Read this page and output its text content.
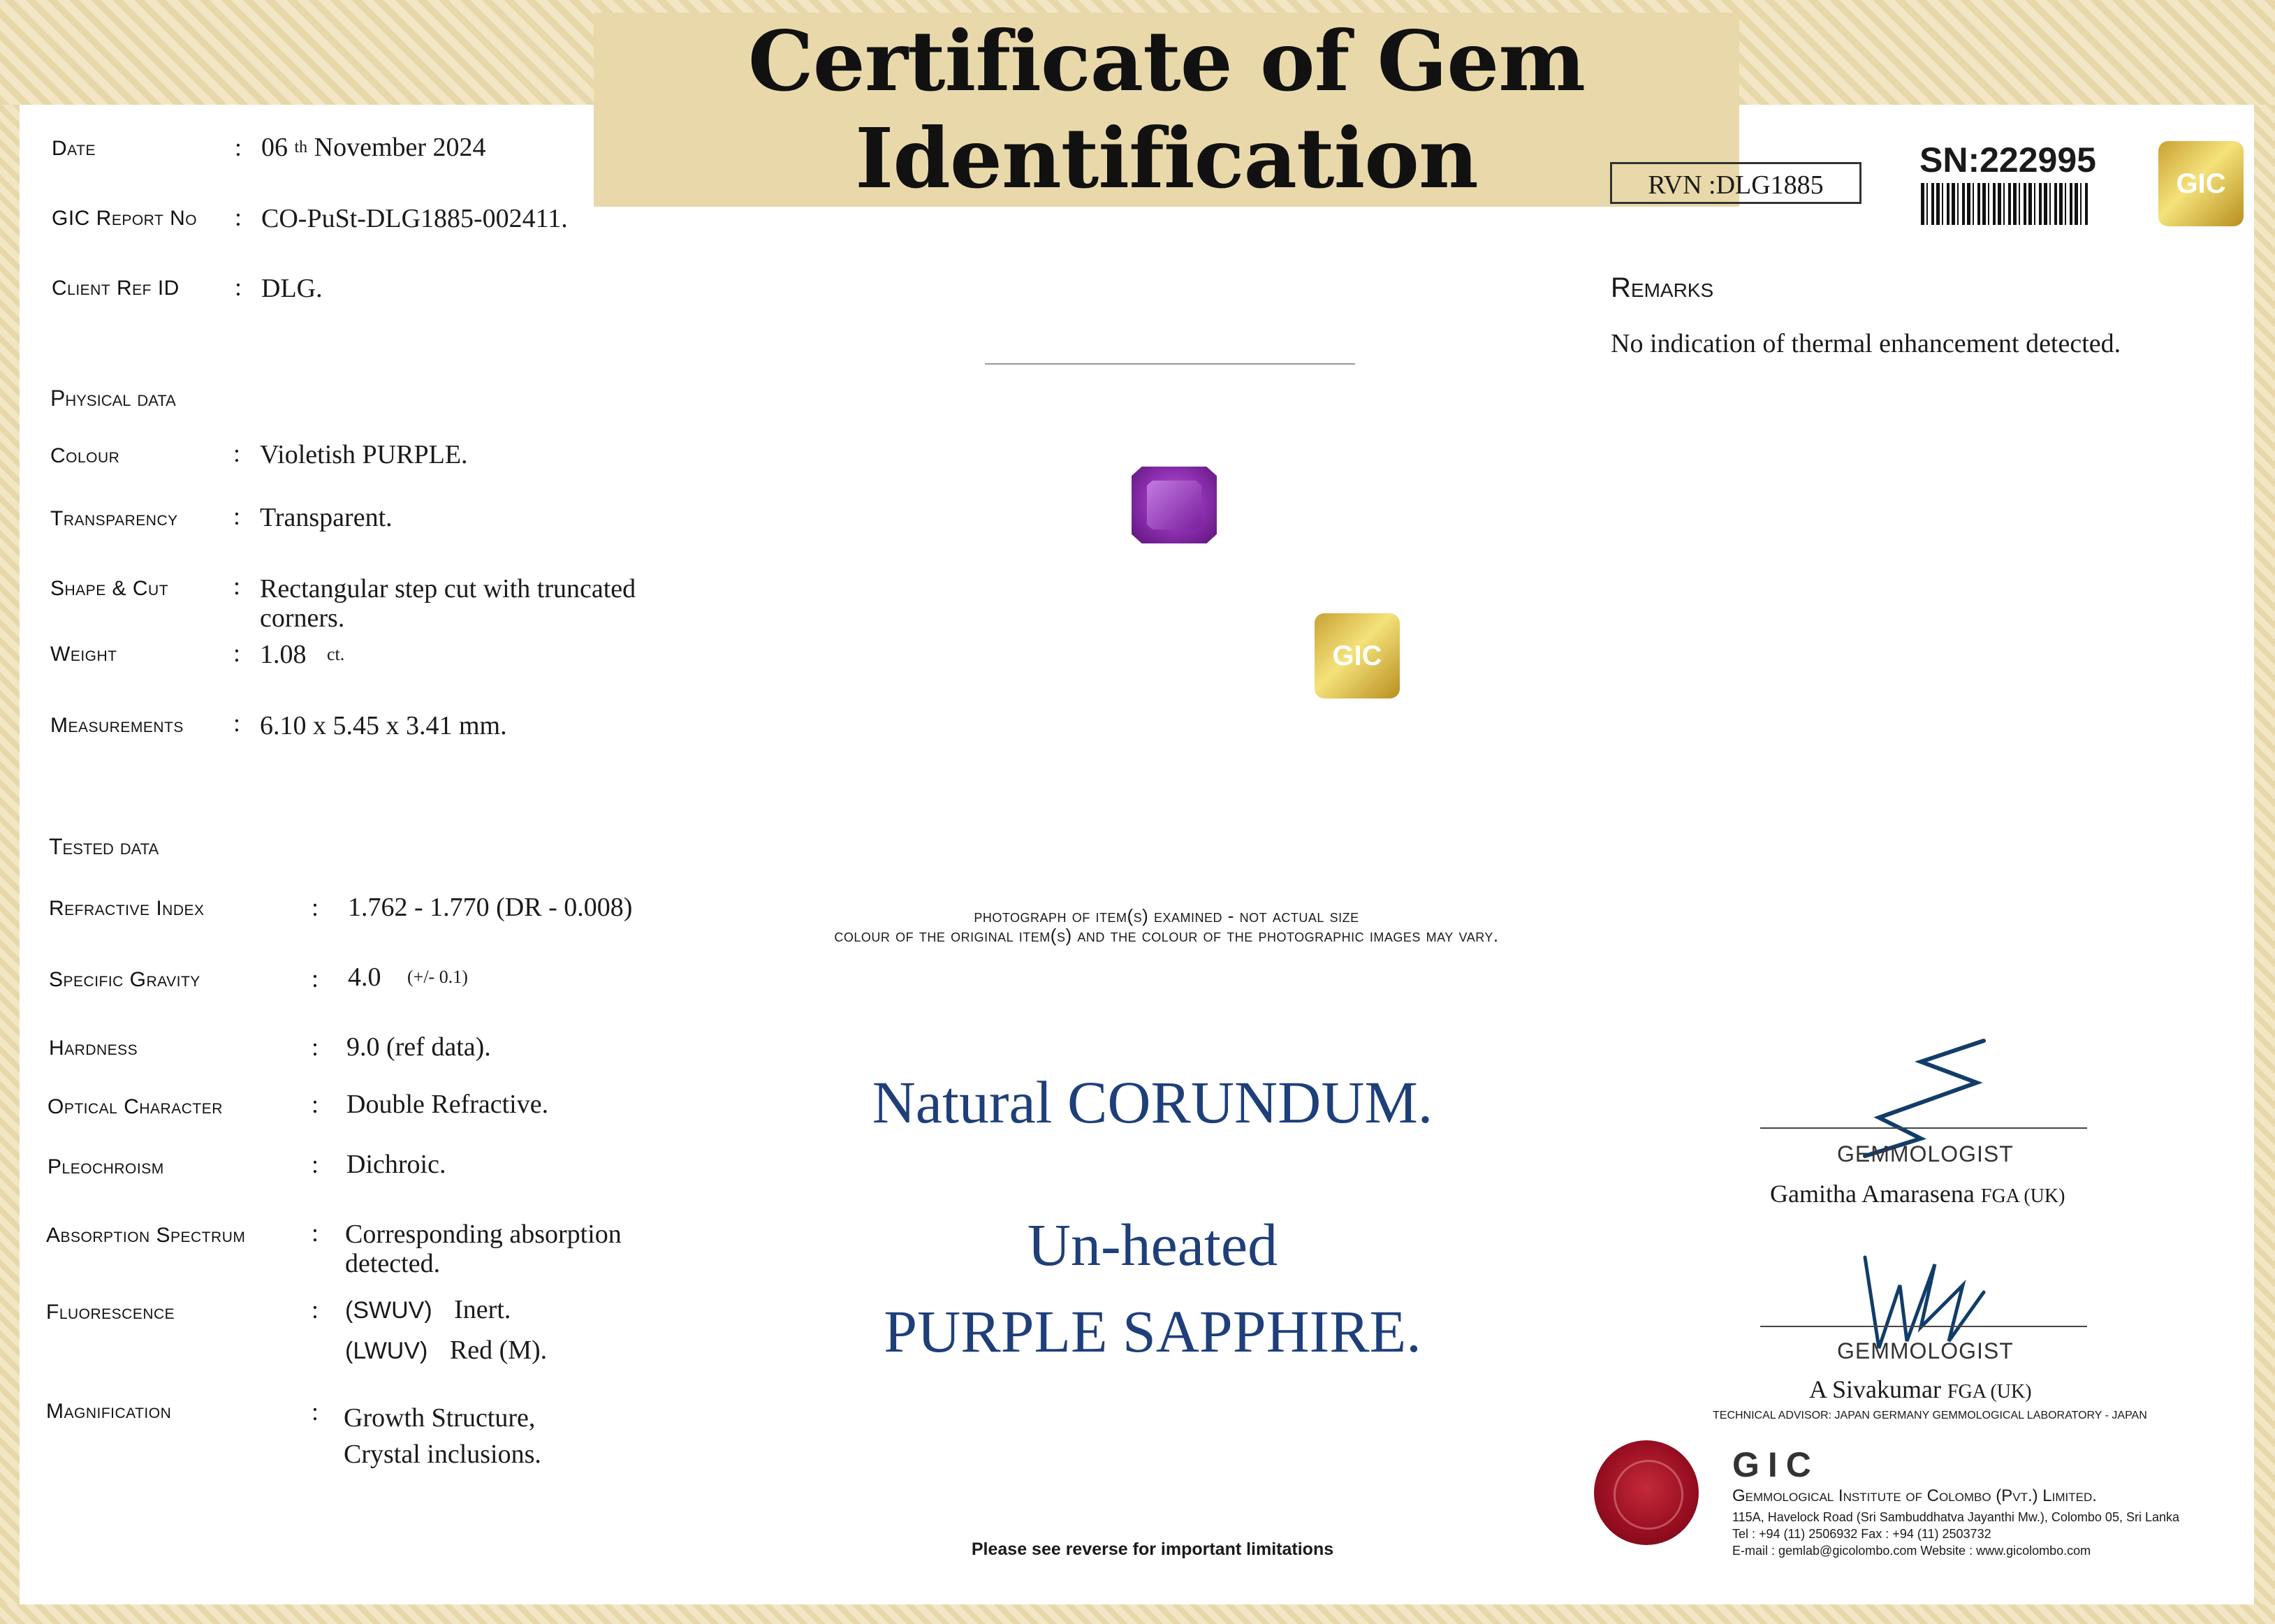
Certificate of Gem Identification
Date	: 06 $^{th}$ November 2024
GIC Report No : CO-PuSt-DLG1885-002411.
Client Ref ID : DLG.
Physical data
Colour	: Violetish PURPLE.
Transparency : Transparent.
Shape & Cut	: Rectangular step cut with truncated
corners.
Weight	: 1.08 $^{ct.}$
Measurements : 6.10 x 5.45 x 3.41 mm.
Tested data
Refractive Index	: 1.762 - 1.770 (DR - 0.008)
Specific Gravity	: 4.0 $^{(+/- 0.1)}$
Hardness	: 9.0 (ref data).
Optical Character	: Double Refractive.
Pleochroism	: Dichroic.
Absorption Spectrum	: Corresponding absorption
detected.
Fluorescence	: (SWUV) Inert.
(LWUV) Red (M).
Magnification	: Growth Structure,
Crystal inclusions.
GIC
photograph of item(s) examined - not actual size
colour of the original item(s) and the colour of the photographic images may vary.
Natural CORUNDUM.
Un-heated
PURPLE SAPPHIRE.
Please see reverse for important limitations
RVN :DLG1885
SN:222995
GIC
Remarks
No indication of thermal enhancement detected.
GEMMOLOGIST
Gamitha Amarasena FGA (UK)
GEMMOLOGIST
A Sivakumar FGA (UK)
TECHNICAL ADVISOR: JAPAN GERMANY GEMMOLOGICAL LABORATORY - JAPAN
GIC
Gemmological Institute of Colombo (Pvt.) Limited.
115A, Havelock Road (Sri Sambuddhatva Jayanthi Mw.), Colombo 05, Sri Lanka
Tel : +94 (11) 2506932 Fax : +94 (11) 2503732
E-mail : gemlab@gicolombo.com Website : www.gicolombo.com
